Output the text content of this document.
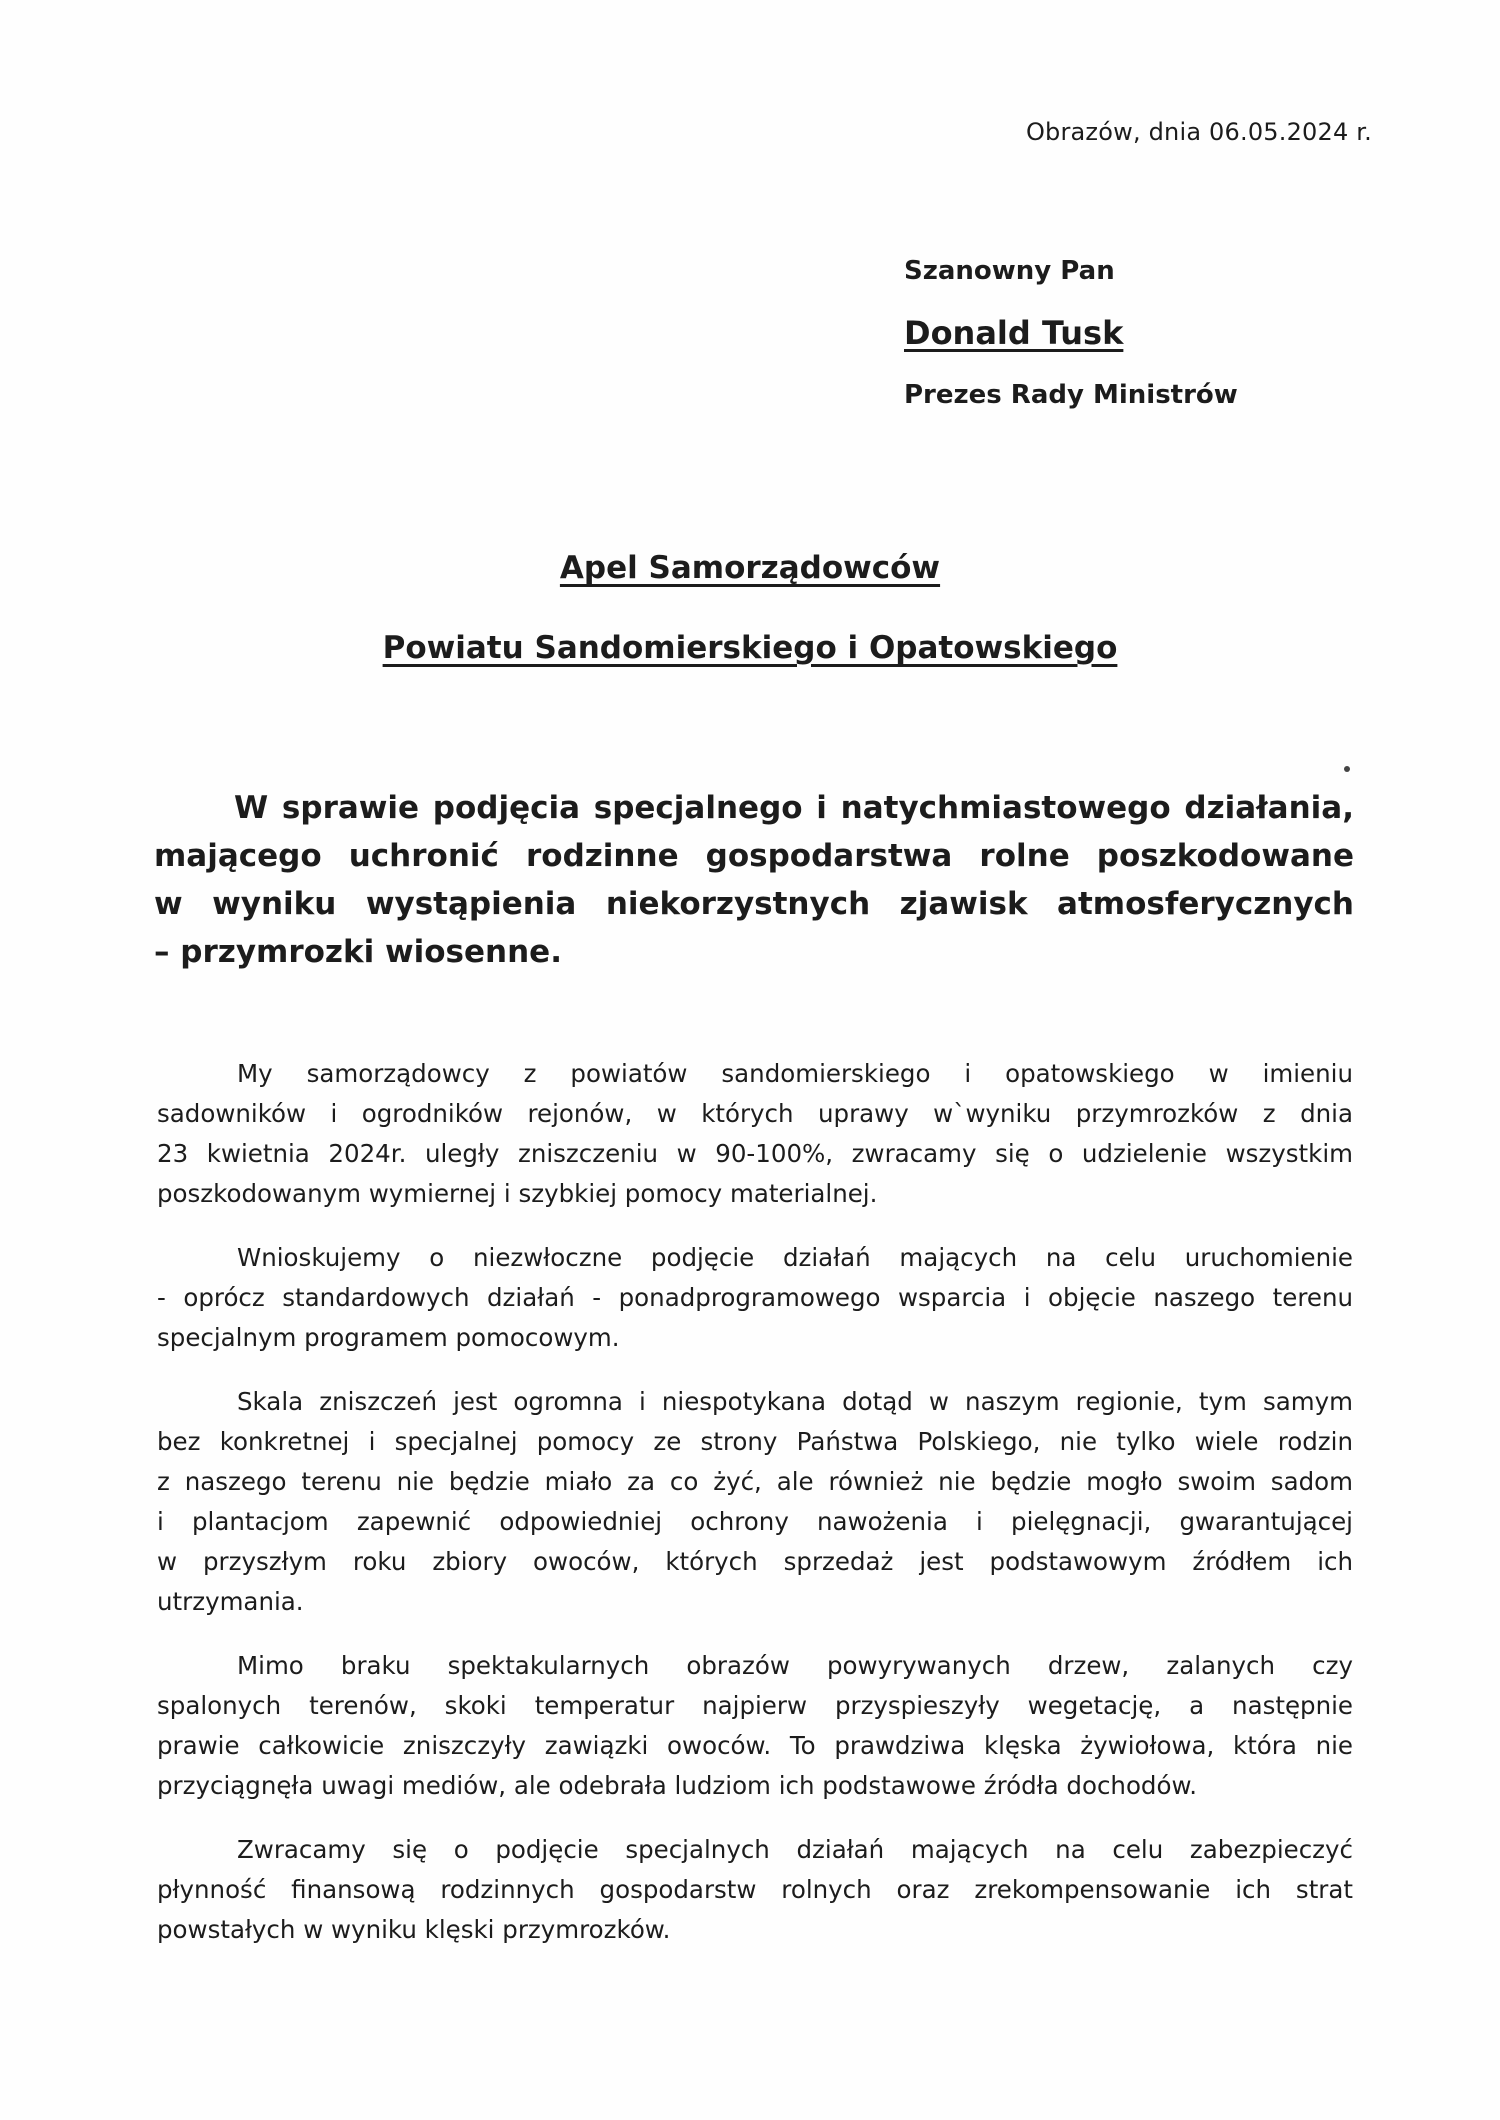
Obrazów, dnia 06.05.2024 r.

Szanowny Pan

Donald Tusk

Prezes Rady Ministrów

Apel Samorządowców

Powiatu Sandomierskiego i Opatowskiego

W sprawie podjęcia specjalnego i natychmiastowego działania,
mającego uchronić rodzinne gospodarstwa rolne poszkodowane
w wyniku wystąpienia niekorzystnych zjawisk atmosferycznych
– przymrozki wiosenne.

My samorządowcy z powiatów sandomierskiego i opatowskiego w imieniu
sadowników i ogrodników rejonów, w których uprawy w`wyniku przymrozków z dnia
23 kwietnia 2024r. uległy zniszczeniu w 90-100%, zwracamy się o udzielenie wszystkim
poszkodowanym wymiernej i szybkiej pomocy materialnej.

Wnioskujemy o niezwłoczne podjęcie działań mających na celu uruchomienie
- oprócz standardowych działań - ponadprogramowego wsparcia i objęcie naszego terenu
specjalnym programem pomocowym.

Skala zniszczeń jest ogromna i niespotykana dotąd w naszym regionie, tym samym
bez konkretnej i specjalnej pomocy ze strony Państwa Polskiego, nie tylko wiele rodzin
z naszego terenu nie będzie miało za co żyć, ale również nie będzie mogło swoim sadom
i plantacjom zapewnić odpowiedniej ochrony nawożenia i pielęgnacji, gwarantującej
w przyszłym roku zbiory owoców, których sprzedaż jest podstawowym źródłem ich
utrzymania.

Mimo braku spektakularnych obrazów powyrywanych drzew, zalanych czy
spalonych terenów, skoki temperatur najpierw przyspieszyły wegetację, a następnie
prawie całkowicie zniszczyły zawiązki owoców. To prawdziwa klęska żywiołowa, która nie
przyciągnęła uwagi mediów, ale odebrała ludziom ich podstawowe źródła dochodów.

Zwracamy się o podjęcie specjalnych działań mających na celu zabezpieczyć
płynność finansową rodzinnych gospodarstw rolnych oraz zrekompensowanie ich strat
powstałych w wyniku klęski przymrozków.
